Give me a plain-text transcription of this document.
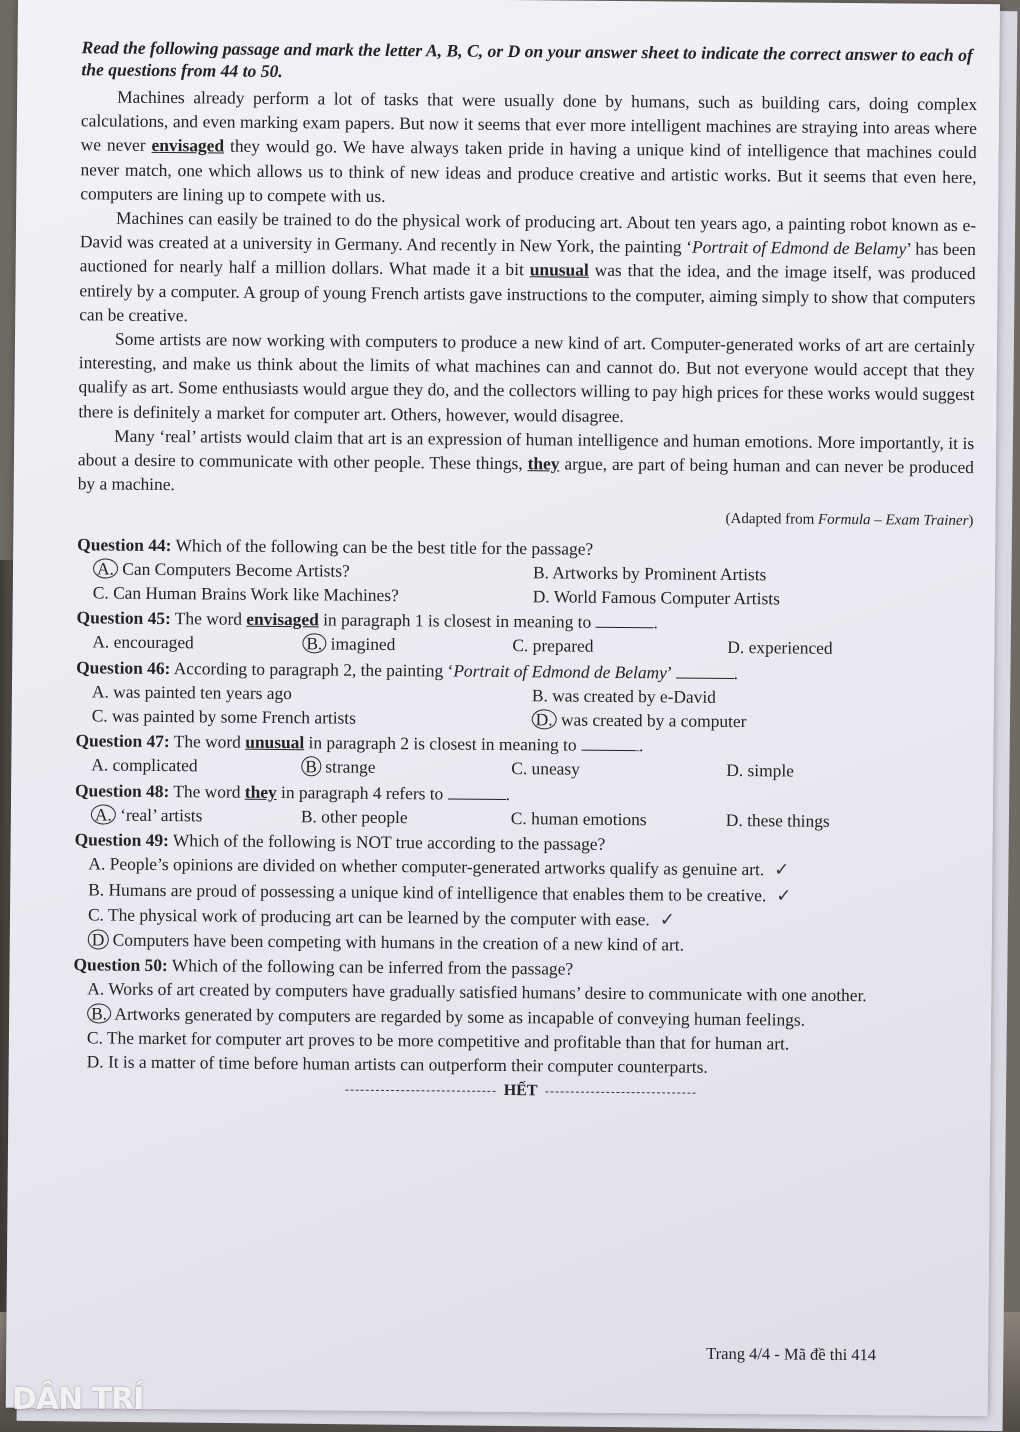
Read the following passage and mark the letter A, B, C, or D on your answer sheet to indicate the correct answer to each of the questions from 44 to 50.

Machines already perform a lot of tasks that were usually done by humans, such as building cars, doing complex calculations, and even marking exam papers. But now it seems that ever more intelligent machines are straying into areas where we never envisaged they would go. We have always taken pride in having a unique kind of intelligence that machines could never match, one which allows us to think of new ideas and produce creative and artistic works. But it seems that even here, computers are lining up to compete with us.

Machines can easily be trained to do the physical work of producing art. About ten years ago, a painting robot known as e-David was created at a university in Germany. And recently in New York, the painting ‘Portrait of Edmond de Belamy’ has been auctioned for nearly half a million dollars. What made it a bit unusual was that the idea, and the image itself, was produced entirely by a computer. A group of young French artists gave instructions to the computer, aiming simply to show that computers can be creative.

Some artists are now working with computers to produce a new kind of art. Computer-generated works of art are certainly interesting, and make us think about the limits of what machines can and cannot do. But not everyone would accept that they qualify as art. Some enthusiasts would argue they do, and the collectors willing to pay high prices for these works would suggest there is definitely a market for computer art. Others, however, would disagree.

Many ‘real’ artists would claim that art is an expression of human intelligence and human emotions. More importantly, it is about a desire to communicate with other people. These things, they argue, are part of being human and can never be produced by a machine.

(Adapted from Formula – Exam Trainer)

Question 44: Which of the following can be the best title for the passage?

A. Can Computers Become Artists?	B. Artworks by Prominent Artists

C. Can Human Brains Work like Machines?	D. World Famous Computer Artists

Question 45: The word envisaged in paragraph 1 is closest in meaning to	.

A. encouraged	B. imagined	C. prepared	D. experienced

Question 46: According to paragraph 2, the painting ‘Portrait of Edmond de Belamy’	.

A. was painted ten years ago	B. was created by e-David

C. was painted by some French artists	D. was created by a computer

Question 47: The word unusual in paragraph 2 is closest in meaning to	.

A. complicated	B strange	C. uneasy	D. simple

Question 48: The word they in paragraph 4 refers to	.

A. ‘real’ artists	B. other people	C. human emotions	D. these things

Question 49: Which of the following is NOT true according to the passage?

A. People’s opinions are divided on whether computer-generated artworks qualify as genuine art. ✓

B. Humans are proud of possessing a unique kind of intelligence that enables them to be creative. ✓

C. The physical work of producing art can be learned by the computer with ease. ✓

D Computers have been competing with humans in the creation of a new kind of art.

Question 50: Which of the following can be inferred from the passage?

A. Works of art created by computers have gradually satisfied humans’ desire to communicate with one another.

B. Artworks generated by computers are regarded by some as incapable of conveying human feelings.

C. The market for computer art proves to be more competitive and profitable than that for human art.

D. It is a matter of time before human artists can outperform their computer counterparts.

HẾT

Trang 4/4 - Mã đề thi 414
DÂN TRÍ
